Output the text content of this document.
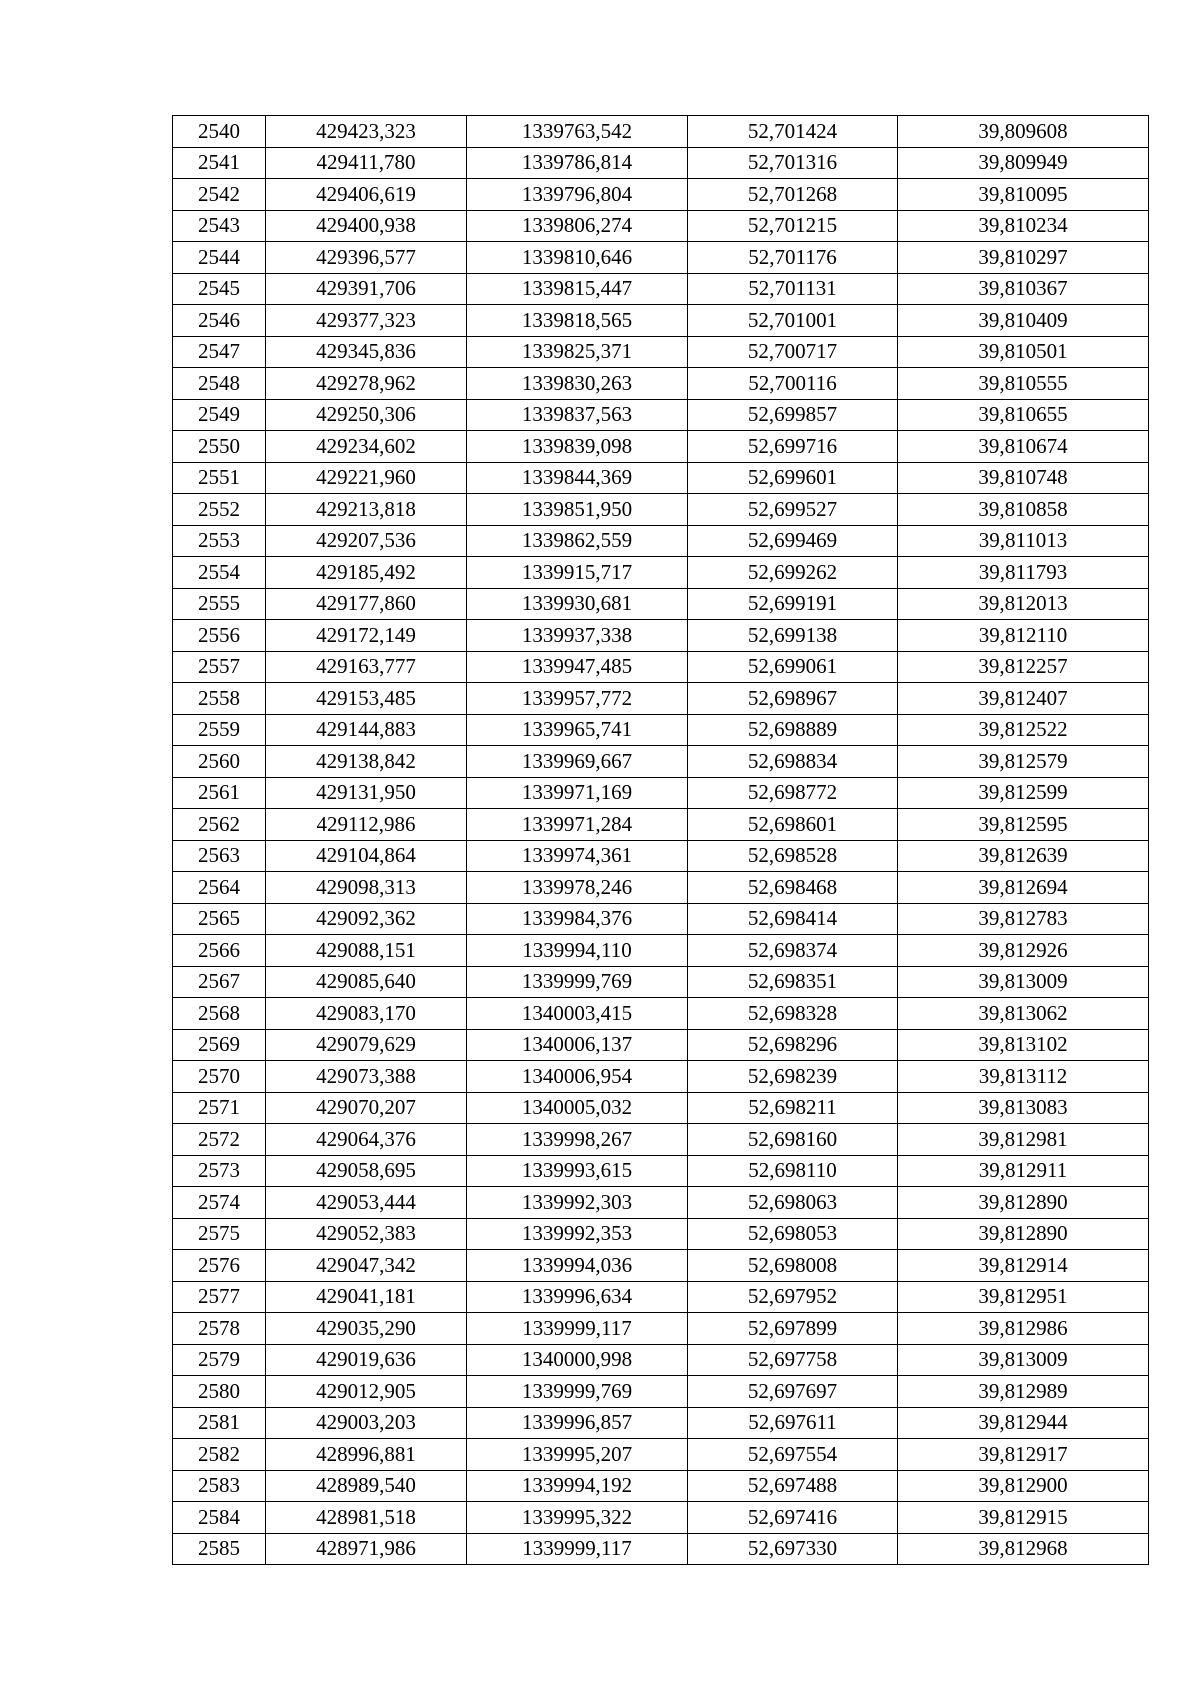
2540	429423,323	1339763,542	52,701424	39,809608
2541	429411,780	1339786,814	52,701316	39,809949
2542	429406,619	1339796,804	52,701268	39,810095
2543	429400,938	1339806,274	52,701215	39,810234
2544	429396,577	1339810,646	52,701176	39,810297
2545	429391,706	1339815,447	52,701131	39,810367
2546	429377,323	1339818,565	52,701001	39,810409
2547	429345,836	1339825,371	52,700717	39,810501
2548	429278,962	1339830,263	52,700116	39,810555
2549	429250,306	1339837,563	52,699857	39,810655
2550	429234,602	1339839,098	52,699716	39,810674
2551	429221,960	1339844,369	52,699601	39,810748
2552	429213,818	1339851,950	52,699527	39,810858
2553	429207,536	1339862,559	52,699469	39,811013
2554	429185,492	1339915,717	52,699262	39,811793
2555	429177,860	1339930,681	52,699191	39,812013
2556	429172,149	1339937,338	52,699138	39,812110
2557	429163,777	1339947,485	52,699061	39,812257
2558	429153,485	1339957,772	52,698967	39,812407
2559	429144,883	1339965,741	52,698889	39,812522
2560	429138,842	1339969,667	52,698834	39,812579
2561	429131,950	1339971,169	52,698772	39,812599
2562	429112,986	1339971,284	52,698601	39,812595
2563	429104,864	1339974,361	52,698528	39,812639
2564	429098,313	1339978,246	52,698468	39,812694
2565	429092,362	1339984,376	52,698414	39,812783
2566	429088,151	1339994,110	52,698374	39,812926
2567	429085,640	1339999,769	52,698351	39,813009
2568	429083,170	1340003,415	52,698328	39,813062
2569	429079,629	1340006,137	52,698296	39,813102
2570	429073,388	1340006,954	52,698239	39,813112
2571	429070,207	1340005,032	52,698211	39,813083
2572	429064,376	1339998,267	52,698160	39,812981
2573	429058,695	1339993,615	52,698110	39,812911
2574	429053,444	1339992,303	52,698063	39,812890
2575	429052,383	1339992,353	52,698053	39,812890
2576	429047,342	1339994,036	52,698008	39,812914
2577	429041,181	1339996,634	52,697952	39,812951
2578	429035,290	1339999,117	52,697899	39,812986
2579	429019,636	1340000,998	52,697758	39,813009
2580	429012,905	1339999,769	52,697697	39,812989
2581	429003,203	1339996,857	52,697611	39,812944
2582	428996,881	1339995,207	52,697554	39,812917
2583	428989,540	1339994,192	52,697488	39,812900
2584	428981,518	1339995,322	52,697416	39,812915
2585	428971,986	1339999,117	52,697330	39,812968
